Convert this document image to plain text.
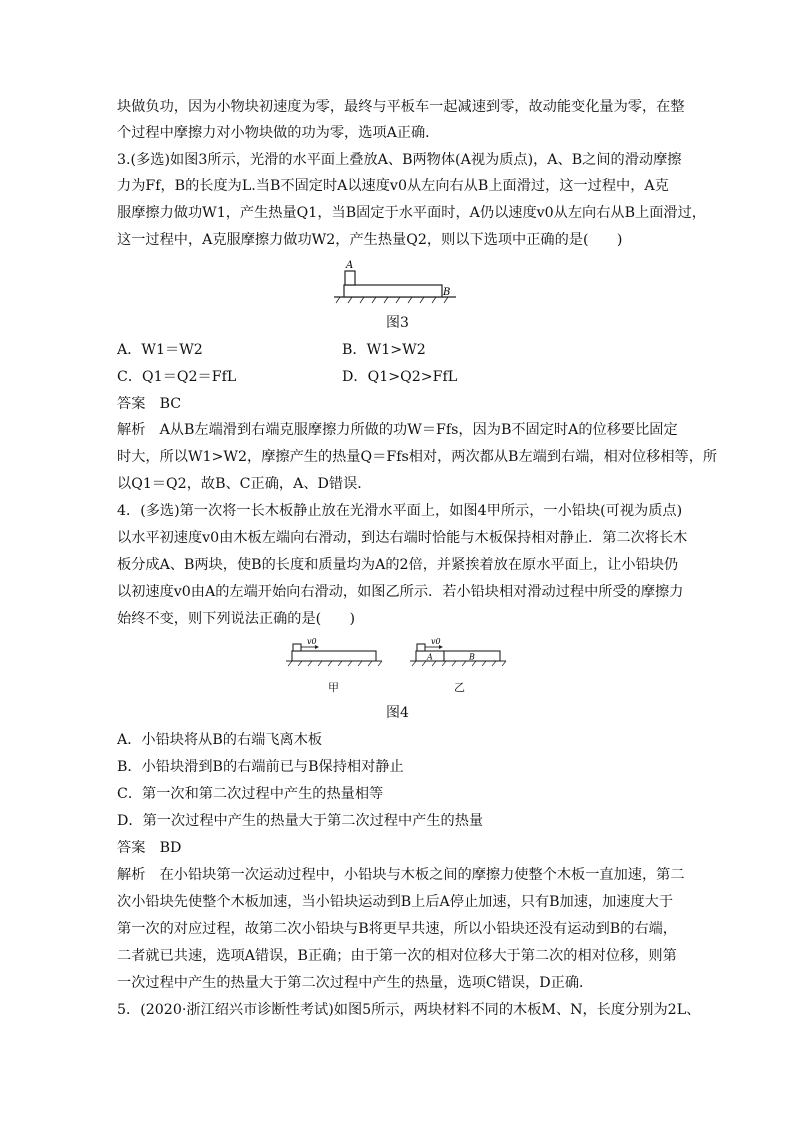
块做负功，因为小物块初速度为零，最终与平板车一起减速到零，故动能变化量为零，在整
个过程中摩擦力对小物块做的功为零，选项A正确．
3.(多选)如图3所示，光滑的水平面上叠放A、B两物体(A视为质点)，A、B之间的滑动摩擦
力为Ff，B的长度为L.当B不固定时A以速度v0从左向右从B上面滑过，这一过程中，A克
服摩擦力做功W1，产生热量Q1，当B固定于水平面时，A仍以速度v0从左向右从B上面滑过，
这一过程中，A克服摩擦力做功W2，产生热量Q2，则以下选项中正确的是(　　)
A
B
图3
A．W1＝W2	B．W1>W2
C．Q1＝Q2＝FfL	D．Q1>Q2>FfL
答案　BC
解析　A从B左端滑到右端克服摩擦力所做的功W＝Ffs，因为B不固定时A的位移要比固定
时大，所以W1>W2，摩擦产生的热量Q＝Ffs相对，两次都从B左端到右端，相对位移相等，所
以Q1＝Q2，故B、C正确，A、D错误．
4．(多选)第一次将一长木板静止放在光滑水平面上，如图4甲所示，一小铅块(可视为质点)
以水平初速度v0由木板左端向右滑动，到达右端时恰能与木板保持相对静止．第二次将长木
板分成A、B两块，使B的长度和质量均为A的2倍，并紧挨着放在原水平面上，让小铅块仍
以初速度v0由A的左端开始向右滑动，如图乙所示．若小铅块相对滑动过程中所受的摩擦力
始终不变，则下列说法正确的是(　　)
v0
甲
v0
A	B
乙
图4
A．小铅块将从B的右端飞离木板
B．小铅块滑到B的右端前已与B保持相对静止
C．第一次和第二次过程中产生的热量相等
D．第一次过程中产生的热量大于第二次过程中产生的热量
答案　BD
解析　在小铅块第一次运动过程中，小铅块与木板之间的摩擦力使整个木板一直加速，第二
次小铅块先使整个木板加速，当小铅块运动到B上后A停止加速，只有B加速，加速度大于
第一次的对应过程，故第二次小铅块与B将更早共速，所以小铅块还没有运动到B的右端，
二者就已共速，选项A错误，B正确；由于第一次的相对位移大于第二次的相对位移，则第
一次过程中产生的热量大于第二次过程中产生的热量，选项C错误，D正确．
5．(2020·浙江绍兴市诊断性考试)如图5所示，两块材料不同的木板M、N，长度分别为2L、
